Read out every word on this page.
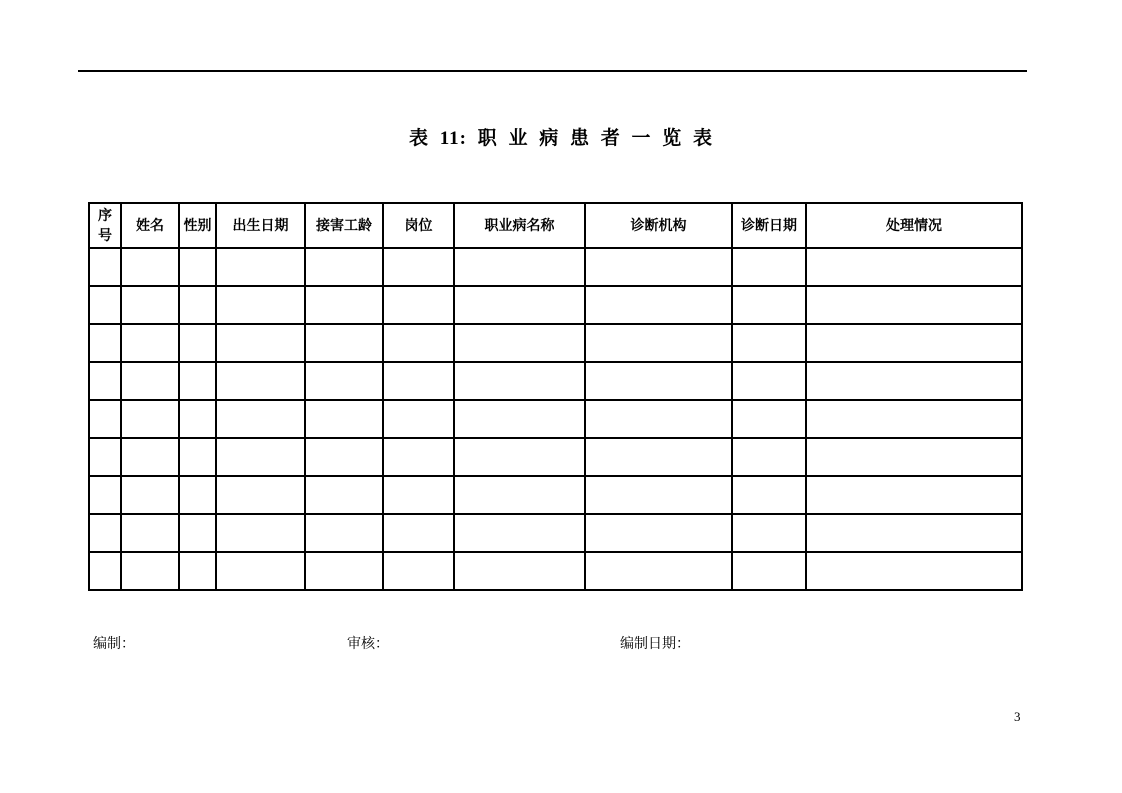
表 11: 职 业 病 患 者 一 览 表
序号	姓名	性别	出生日期	接害工龄	岗位	职业病名称	诊断机构	诊断日期	处理情况

编制：	审核：	编制日期：
3
